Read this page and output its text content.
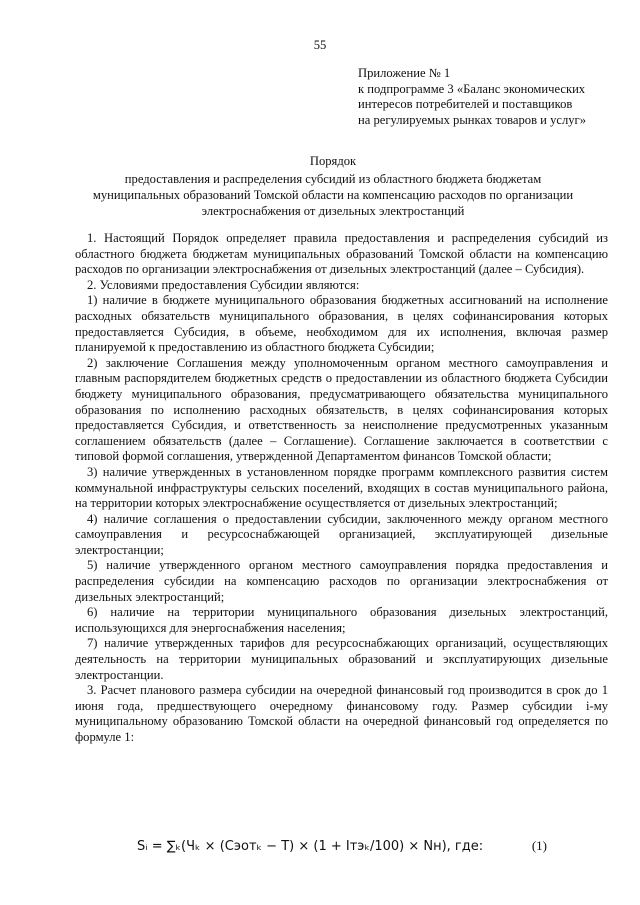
55
Приложение № 1
к подпрограмме 3 «Баланс экономических
интересов потребителей и поставщиков
на регулируемых рынках товаров и услуг»
Порядок
предоставления и распределения субсидий из областного бюджета бюджетам
муниципальных образований Томской области на компенсацию расходов по организации
электроснабжения от дизельных электростанций

1. Настоящий Порядок определяет правила предоставления и распределения субсидий из областного бюджета бюджетам муниципальных образований Томской области на компенсацию расходов по организации электроснабжения от дизельных электростанций (далее – Субсидия).

2. Условиями предоставления Субсидии являются:

1) наличие в бюджете муниципального образования бюджетных ассигнований на исполнение расходных обязательств муниципального образования, в целях софинансирования которых предоставляется Субсидия, в объеме, необходимом для их исполнения, включая размер планируемой к предоставлению из областного бюджета Субсидии;

2) заключение Соглашения между уполномоченным органом местного самоуправления и главным распорядителем бюджетных средств о предоставлении из областного бюджета Субсидии бюджету муниципального образования, предусматривающего обязательства муниципального образования по исполнению расходных обязательств, в целях софинансирования которых предоставляется Субсидия, и ответственность за неисполнение предусмотренных указанным соглашением обязательств (далее – Соглашение). Соглашение заключается в соответствии с типовой формой соглашения, утвержденной Департаментом финансов Томской области;

3) наличие утвержденных в установленном порядке программ комплексного развития систем коммунальной инфраструктуры сельских поселений, входящих в состав муниципального района, на территории которых электроснабжение осуществляется от дизельных электростанций;

4) наличие соглашения о предоставлении субсидии, заключенного между органом местного самоуправления и ресурсоснабжающей организацией, эксплуатирующей дизельные электростанции;

5) наличие утвержденного органом местного самоуправления порядка предоставления и распределения субсидии на компенсацию расходов по организации электроснабжения от дизельных электростанций;

6) наличие на территории муниципального образования дизельных электростанций, использующихся для энергоснабжения населения;

7) наличие утвержденных тарифов для ресурсоснабжающих организаций, осуществляющих деятельность на территории муниципальных образований и эксплуатирующих дизельные электростанции.

3. Расчет планового размера субсидии на очередной финансовый год производится в срок до 1 июня года, предшествующего очередному финансовому году. Размер субсидии i-му муниципальному образованию Томской области на очередной финансовый год определяется по формуле 1:

Sᵢ = ∑ₖ(Чₖ × (Сэотₖ − Т) × (1 + Iтэₖ/100) × Nн), где:	(1)
